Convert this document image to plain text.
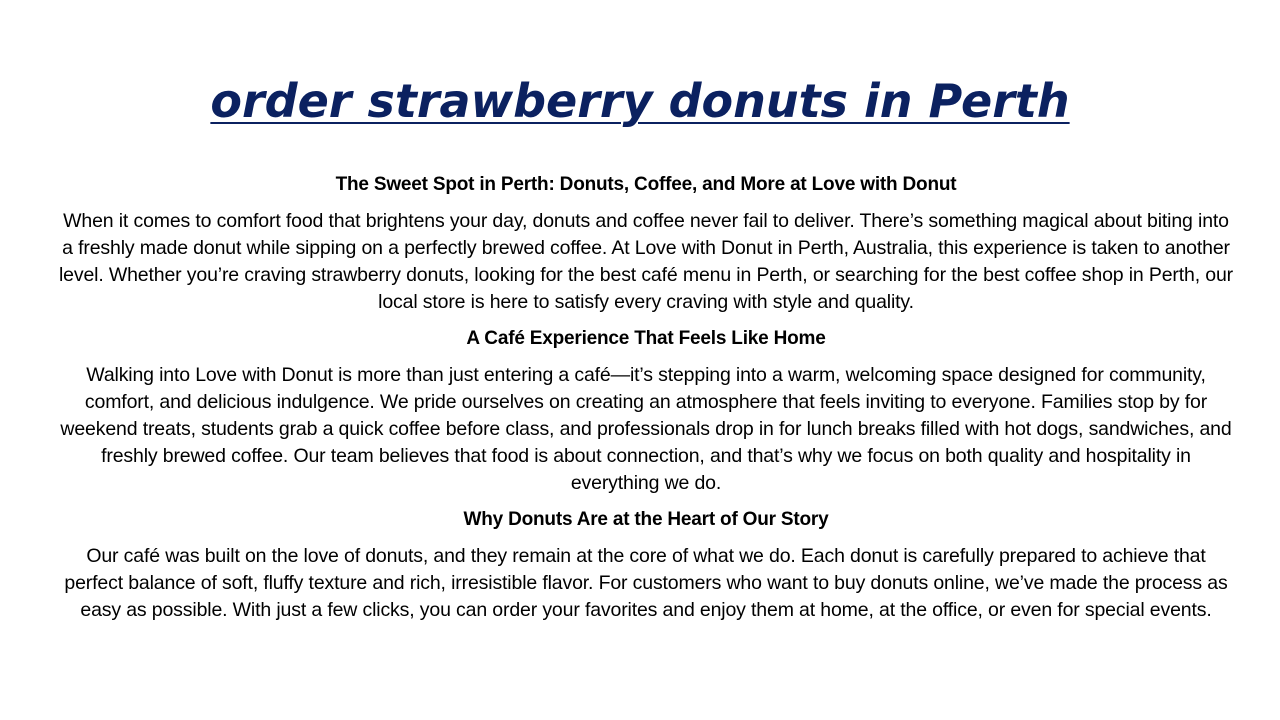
order strawberry donuts in Perth

The Sweet Spot in Perth: Donuts, Coffee, and More at Love with Donut

When it comes to comfort food that brightens your day, donuts and coffee never fail to deliver. There’s something magical about biting into a freshly made donut while sipping on a perfectly brewed coffee. At Love with Donut in Perth, Australia, this experience is taken to another level. Whether you’re craving strawberry donuts, looking for the best café menu in Perth, or searching for the best coffee shop in Perth, our local store is here to satisfy every craving with style and quality.

A Café Experience That Feels Like Home

Walking into Love with Donut is more than just entering a café—it’s stepping into a warm, welcoming space designed for community, comfort, and delicious indulgence. We pride ourselves on creating an atmosphere that feels inviting to everyone. Families stop by for weekend treats, students grab a quick coffee before class, and professionals drop in for lunch breaks filled with hot dogs, sandwiches, and freshly brewed coffee. Our team believes that food is about connection, and that’s why we focus on both quality and hospitality in everything we do.

Why Donuts Are at the Heart of Our Story

Our café was built on the love of donuts, and they remain at the core of what we do. Each donut is carefully prepared to achieve that perfect balance of soft, fluffy texture and rich, irresistible flavor. For customers who want to buy donuts online, we’ve made the process as easy as possible. With just a few clicks, you can order your favorites and enjoy them at home, at the office, or even for special events.
